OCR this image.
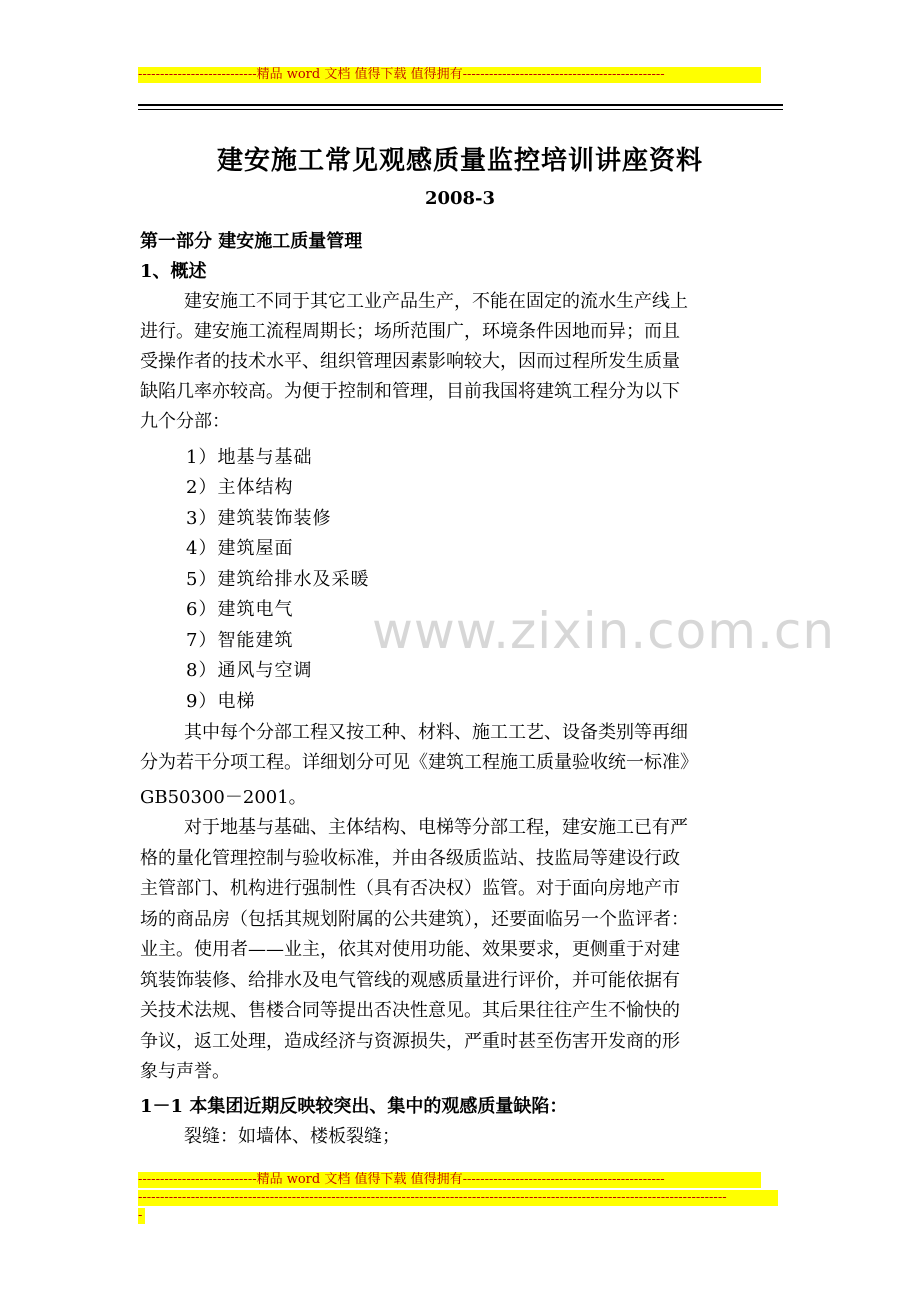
---------------------------精品 word 文档 值得下载 值得拥有----------------------------------------------
建安施工常见观感质量监控培训讲座资料
2008-3
第一部分 建安施工质量管理
1、概述
建安施工不同于其它工业产品生产，不能在固定的流水生产线上
进行。建安施工流程周期长；场所范围广，环境条件因地而异；而且
受操作者的技术水平、组织管理因素影响较大，因而过程所发生质量
缺陷几率亦较高。为便于控制和管理，目前我国将建筑工程分为以下
九个分部：
1）地基与基础
2）主体结构
3）建筑装饰装修
4）建筑屋面
5）建筑给排水及采暖
6）建筑电气
7）智能建筑
8）通风与空调
9）电梯
其中每个分部工程又按工种、材料、施工工艺、设备类别等再细
分为若干分项工程。详细划分可见《建筑工程施工质量验收统一标准》
GB50300－2001。
对于地基与基础、主体结构、电梯等分部工程，建安施工已有严
格的量化管理控制与验收标准，并由各级质监站、技监局等建设行政
主管部门、机构进行强制性（具有否决权）监管。对于面向房地产市
场的商品房（包括其规划附属的公共建筑），还要面临另一个监评者：
业主。使用者——业主，依其对使用功能、效果要求，更侧重于对建
筑装饰装修、给排水及电气管线的观感质量进行评价，并可能依据有
关技术法规、售楼合同等提出否决性意见。其后果往往产生不愉快的
争议，返工处理，造成经济与资源损失，严重时甚至伤害开发商的形
象与声誉。
1－1 本集团近期反映较突出、集中的观感质量缺陷：
裂缝：如墙体、楼板裂缝；
---------------------------精品 word 文档 值得下载 值得拥有----------------------------------------------
--------------------------------------------------------------------------------------------------------------------------------------
-
www.zixin.com.cn
